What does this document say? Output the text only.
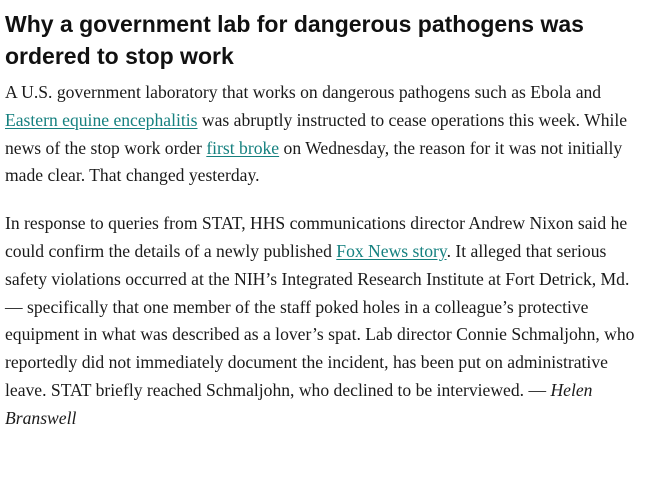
Why a government lab for dangerous pathogens was ordered to stop work

A U.S. government laboratory that works on dangerous pathogens such as Ebola and Eastern equine encephalitis was abruptly instructed to cease operations this week. While news of the stop work order first broke on Wednesday, the reason for it was not initially made clear. That changed yesterday.

In response to queries from STAT, HHS communications director Andrew Nixon said he could confirm the details of a newly published Fox News story. It alleged that serious safety violations occurred at the NIH’s Integrated Research Institute at Fort Detrick, Md. — specifically that one member of the staff poked holes in a colleague’s protective equipment in what was described as a lover’s spat. Lab director Connie Schmaljohn, who reportedly did not immediately document the incident, has been put on administrative leave. STAT briefly reached Schmaljohn, who declined to be interviewed. — Helen Branswell
